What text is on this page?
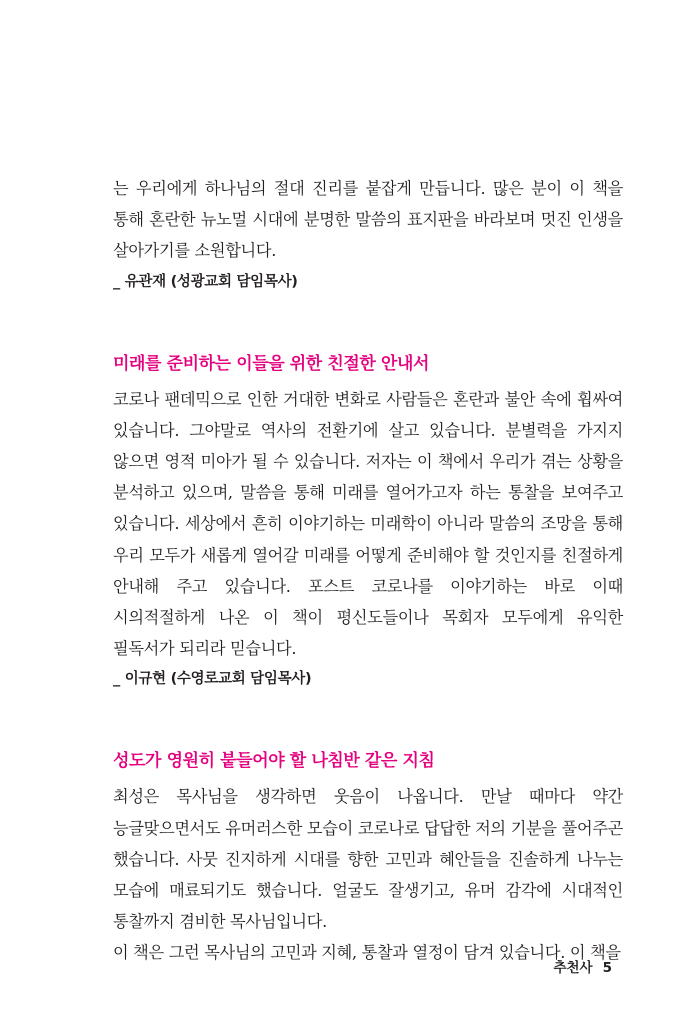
는 우리에게 하나님의 절대 진리를 붙잡게 만듭니다. 많은 분이 이 책을 통해 혼란한 뉴노멀 시대에 분명한 말씀의 표지판을 바라보며 멋진 인생을 살아가기를 소원합니다.

_ 유관재 (성광교회 담임목사)

미래를 준비하는 이들을 위한 친절한 안내서

코로나 팬데믹으로 인한 거대한 변화로 사람들은 혼란과 불안 속에 휩싸여 있습니다. 그야말로 역사의 전환기에 살고 있습니다. 분별력을 가지지 않으면 영적 미아가 될 수 있습니다. 저자는 이 책에서 우리가 겪는 상황을 분석하고 있으며, 말씀을 통해 미래를 열어가고자 하는 통찰을 보여주고 있습니다. 세상에서 흔히 이야기하는 미래학이 아니라 말씀의 조망을 통해 우리 모두가 새롭게 열어갈 미래를 어떻게 준비해야 할 것인지를 친절하게 안내해 주고 있습니다. 포스트 코로나를 이야기하는 바로 이때 시의적절하게 나온 이 책이 평신도들이나 목회자 모두에게 유익한 필독서가 되리라 믿습니다.

_ 이규현 (수영로교회 담임목사)

성도가 영원히 붙들어야 할 나침반 같은 지침

최성은 목사님을 생각하면 웃음이 나옵니다. 만날 때마다 약간 능글맞으면서도 유머러스한 모습이 코로나로 답답한 저의 기분을 풀어주곤 했습니다. 사뭇 진지하게 시대를 향한 고민과 혜안들을 진솔하게 나누는 모습에 매료되기도 했습니다. 얼굴도 잘생기고, 유머 감각에 시대적인 통찰까지 겸비한 목사님입니다.

이 책은 그런 목사님의 고민과 지혜, 통찰과 열정이 담겨 있습니다. 이 책을

추천사 5
